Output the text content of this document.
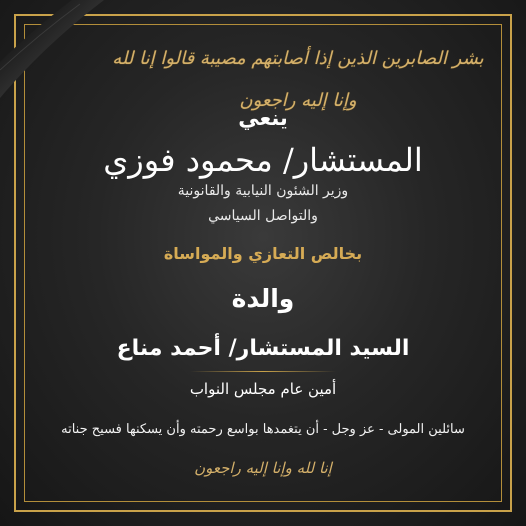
بشر الصابرين الذين إذا أصابتهم مصيبة قالوا إنا لله وإنا إليه راجعون
ينعي
المستشار/ محمود فوزي
وزير الشئون النيابية والقانونية
والتواصل السياسي
بخالص التعازي والمواساة
والدة
السيد المستشار/ أحمد مناع
أمين عام مجلس النواب
سائلين المولى - عز وجل - أن يتغمدها بواسع رحمته وأن يسكنها فسيح جناته
إنا لله وإنا إليه راجعون
